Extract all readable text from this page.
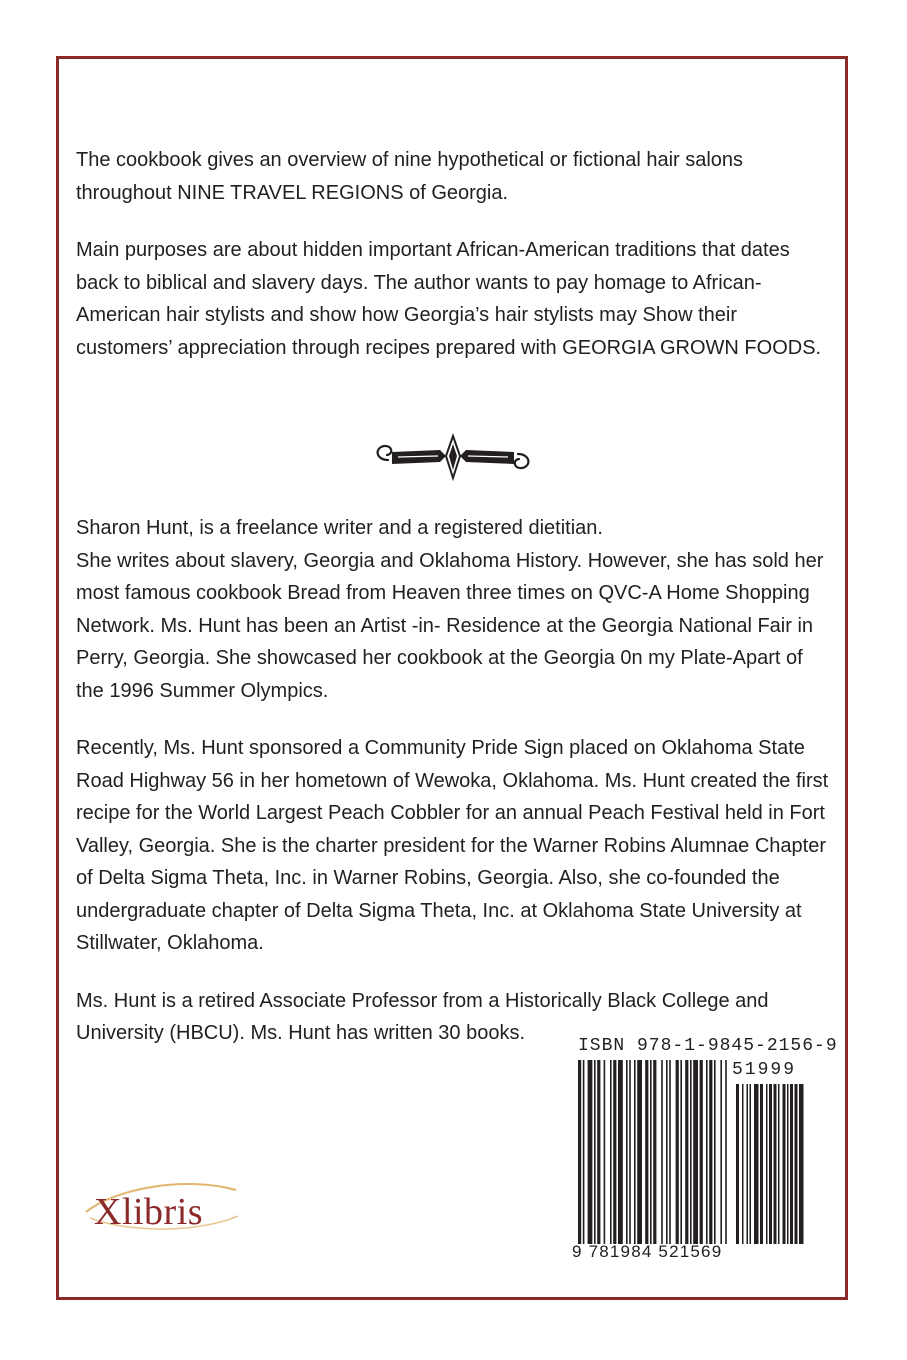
The cookbook gives an overview of nine hypothetical or fictional hair salons throughout NINE TRAVEL REGIONS of Georgia.

Main purposes are about hidden important African-American traditions that dates back to biblical and slavery days. The author wants to pay homage to African-American hair stylists and show how Georgia’s hair stylists may Show their customers’ appreciation through recipes prepared with GEORGIA GROWN FOODS.

Sharon Hunt, is a freelance writer and a registered dietitian.
She writes about slavery, Georgia and Oklahoma History. However, she has sold her most famous cookbook Bread from Heaven three times on QVC-A Home Shopping Network. Ms. Hunt has been an Artist -in- Residence at the Georgia National Fair in Perry, Georgia. She showcased her cookbook at the Georgia 0n my Plate-Apart of the 1996 Summer Olympics.

Recently, Ms. Hunt sponsored a Community Pride Sign placed on Oklahoma State Road Highway 56 in her hometown of Wewoka, Oklahoma. Ms. Hunt created the first recipe for the World Largest Peach Cobbler for an annual Peach Festival held in Fort Valley, Georgia. She is the charter president for the Warner Robins Alumnae Chapter of Delta Sigma Theta, Inc. in Warner Robins, Georgia. Also, she co-founded the undergraduate chapter of Delta Sigma Theta, Inc. at Oklahoma State University at Stillwater, Oklahoma.

Ms. Hunt is a retired Associate Professor from a Historically Black College and University (HBCU). Ms. Hunt has written 30 books.

Xlibris
ISBN 978-1-9845-2156-9
51999
9 781984 521569
